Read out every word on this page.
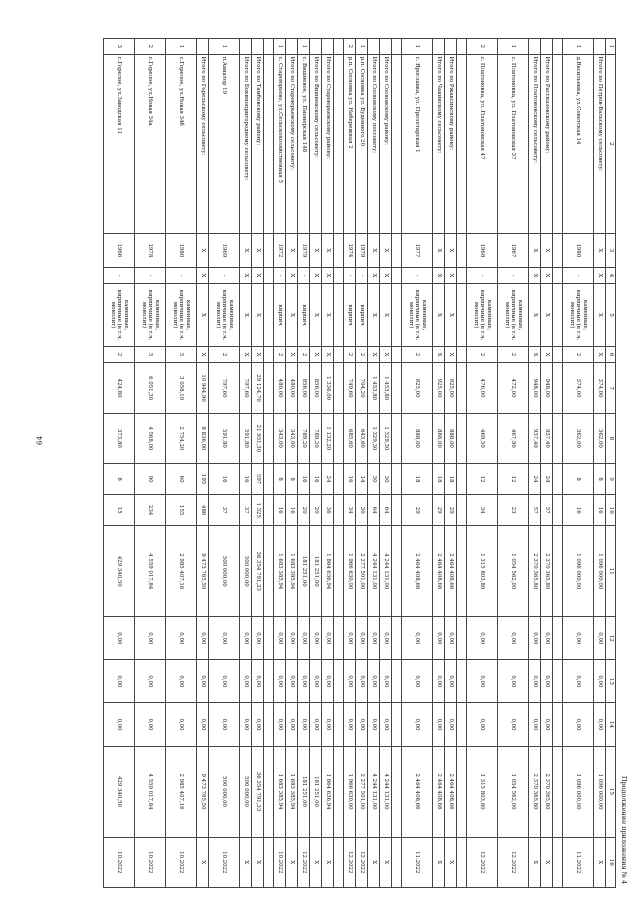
64
Продолжение приложения № 4
1	2	3	4	5	6	7	8	9	10	11	12	13	14	15	16
	Итого по Петров-Вальскому сельсовету:	X	X	X	X	374,00	362,00	8	16	1 096 000,00	0,00	0,00	0,00	1 096 000,00	X
1	д.Васильевка, ул.Советская 14	1980	-	каменные, кирпичные (в т.ч. монолит)	2	374,00	362,00	8	16	1 096 000,00	0,00	0,00	0,00	1 096 000,00	11.2022

	Итого по Рассказовскому району:	X	X	X	X	948,00	937,40	24	57	2 370 365,80	0,00	0,00	0,00	2 370 365,80	X
	Итого по Платоновскому сельсовету:	X	X	X	X	948,00	937,40	24	57	2 370 365,80	0,00	0,00	0,00	2 370 365,80	X
1	с. Платоновка, ул. Платоновская 37	1967	-	каменные, кирпичные (в т.ч. монолит)	2	472,00	467,90	12	23	1 054 562,00	0,00	0,00	0,00	1 054 562,00	12.2022
2	с. Платоновка, ул. Платоновская 47	1968	-	каменные, кирпичные (в т.ч. монолит)	2	476,00	469,50	12	34	1 315 803,80	0,00	0,00	0,00	1 315 803,80	12.2022

	Итого по Ржаксинскому району:	X	X	X	X	925,00	888,00	18	29	2 464 408,66	0,00	0,00	0,00	2 464 408,66	X
	Итого по Чакинскому сельсовету:	X	X	X	X	925,00	888,00	18	29	2 464 408,66	0,00	0,00	0,00	2 464 408,66	X
1	с. Ярославка, ул. Пролетарская 1	1977	-	каменные, кирпичные (в т.ч. монолит)	2	925,00	888,00	18	29	2 464 408,66	0,00	0,00	0,00	2 464 408,66	11.2022

	Итого по Сосновскому району:	X	X	X	X	1 453,80	1 329,30	30	64	4 244 131,00	0,00	0,00	0,00	4 244 131,00	X
	Итого по Сосновскому поссовету:	X	X	X	X	1 453,80	1 329,30	30	64	4 244 131,00	0,00	0,00	0,00	4 244 131,00	X
1	р.п. Сосновка ул. Буденного 20	1979	-	кирпич	2	704,20	643,60	14	30	2 277 501,00	0,00	0,00	0,00	2 277 501,00	12.2022
2	р.п. Сосновка ул. Набережная 2	1974	-	кирпич	2	749,60	685,60	16	34	1 966 630,00	0,00	0,00	0,00	1 966 630,00	12.2022

	Итого по Староюрьевскому району:	X	X	X	X	1 336,00	1 132,20	24	36	1 864 636,94	0,00	0,00	0,00	1 864 636,94	X
	Итого по Вишневскому сельсовету:	X	X	X	X	856,00	789,20	16	20	181 251,00	0,00	0,00	0,00	181 251,00	X
1	с. Вишневое, ул. Пионерская 148	1979	-	кирпич	2	856,00	789,20	16	20	181 251,00	0,00	0,00	0,00	181 251,00	12.2022
	Итого по Староюрьевскому сельсовету:	X	X	X	X	480,00	343,00	8	16	1 683 385,94	0,00	0,00	0,00	1 683 385,94	X
1	с. Староюрьево, ул.Сельскохозяйственная 5	1972	-	кирпич	2	480,00	343,00	8	16	1 683 385,94	0,00	0,00	0,00	1 683 385,94	10.2022

	Итого по Тамбовскому району:	X	X	X	X	29 124,70	21 931,30	597	1 325	36 354 791,33	0,00	0,00	0,00	36 354 791,33	X
	Итого по Бокинопригородному сельсовету:	X	X	X	X	797,60	591,80	16	37	500 000,00	0,00	0,00	0,00	500 000,00	X
1	п.Авиатор 19	1969	-	каменные, кирпичные (в т.ч. монолит)	2	797,60	591,80	16	37	500 000,00	0,00	0,00	0,00	500 000,00	10.2022
	Итого по Горельскому сельсовету:	X	X	X	X	10 944,90	8 836,00	195	486	9 473 765,50	0,00	0,00	0,00	9 473 765,50	X
1	с.Горелое, ул.Новая 34б	1980	-	каменные, кирпичные (в т.ч. монолит)	5	3 058,10	2 754,20	60	155	2 985 407,16	0,00	0,00	0,00	2 985 407,16	10.2022
2	с.Горелое, ул.Новая 34а	1978	-	каменные, кирпичные (в т.ч. монолит)	5	6 051,30	4 568,00	90	234	4 559 017,84	0,00	0,00	0,00	4 559 017,84	10.2022
3	с.Горелое, ул.Заводская 11	1966	-	каменные, кирпичные (в т.ч. монолит)	2	424,80	373,80	8	15	429 340,50	0,00	0,00	0,00	429 340,50	10.2022
